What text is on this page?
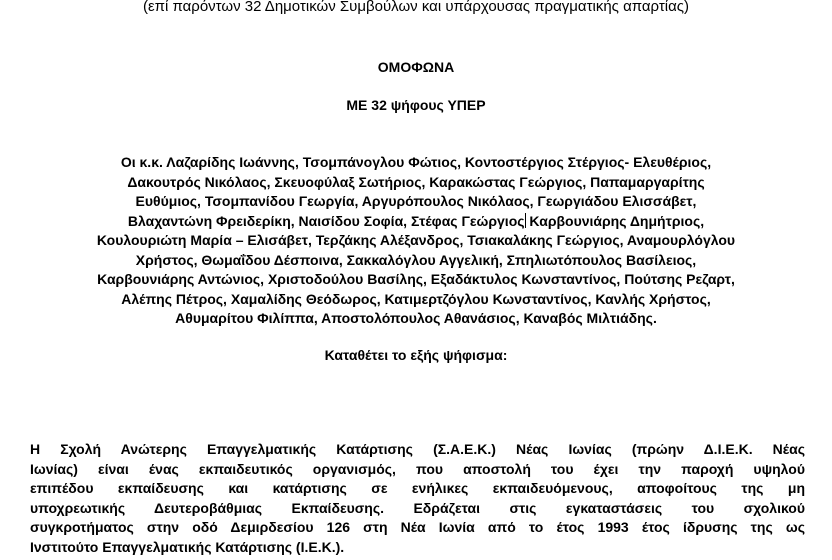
(επί παρόντων 32 Δημοτικών Συμβούλων και υπάρχουσας πραγματικής απαρτίας)
ΟΜΟΦΩΝΑ
ΜΕ 32 ψήφους ΥΠΕΡ
Οι κ.κ. Λαζαρίδης Ιωάννης, Τσομπάνογλου Φώτιος, Κοντοστέργιος Στέργιος- Ελευθέριος,
Δακουτρός Νικόλαος, Σκευοφύλαξ Σωτήριος, Καρακώστας Γεώργιος, Παπαμαργαρίτης
Ευθύμιος, Τσομπανίδου Γεωργία, Αργυρόπουλος Νικόλαος, Γεωργιάδου Ελισσάβετ,
Βλαχαντώνη Φρειδερίκη, Ναισίδου Σοφία, Στέφας Γεώργιος Καρβουνιάρης Δημήτριος,
Κουλουριώτη Μαρία – Ελισάβετ, Τερζάκης Αλέξανδρος, Τσιακαλάκης Γεώργιος, Αναμουρλόγλου
Χρήστος, Θωμαΐδου Δέσποινα, Σακκαλόγλου Αγγελική, Σπηλιωτόπουλος Βασίλειος,
Καρβουνιάρης Αντώνιος, Χριστοδούλου Βασίλης, Εξαδάκτυλος Κωνσταντίνος, Πούτσης Ρεζαρτ,
Αλέπης Πέτρος, Χαμαλίδης Θεόδωρος, Κατιμερτζόγλου Κωνσταντίνος, Κανλής Χρήστος,
Αθυμαρίτου Φιλίππα, Αποστολόπουλος Αθανάσιος, Καναβός Μιλτιάδης.
Καταθέτει το εξής ψήφισμα:
Η Σχολή Ανώτερης Επαγγελματικής Κατάρτισης (Σ.Α.Ε.Κ.) Νέας Ιωνίας (πρώην Δ.Ι.Ε.Κ. Νέας
Ιωνίας) είναι ένας εκπαιδευτικός οργανισμός, που αποστολή του έχει την παροχή υψηλού
επιπέδου εκπαίδευσης και κατάρτισης σε ενήλικες εκπαιδευόμενους, αποφοίτους της μη
υποχρεωτικής Δευτεροβάθμιας Εκπαίδευσης. Εδράζεται στις εγκαταστάσεις του σχολικού
συγκροτήματος στην οδό Δεμιρδεσίου 126 στη Νέα Ιωνία από το έτος 1993 έτος ίδρυσης της ως
Ινστιτούτο Επαγγελματικής Κατάρτισης (Ι.Ε.Κ.).
